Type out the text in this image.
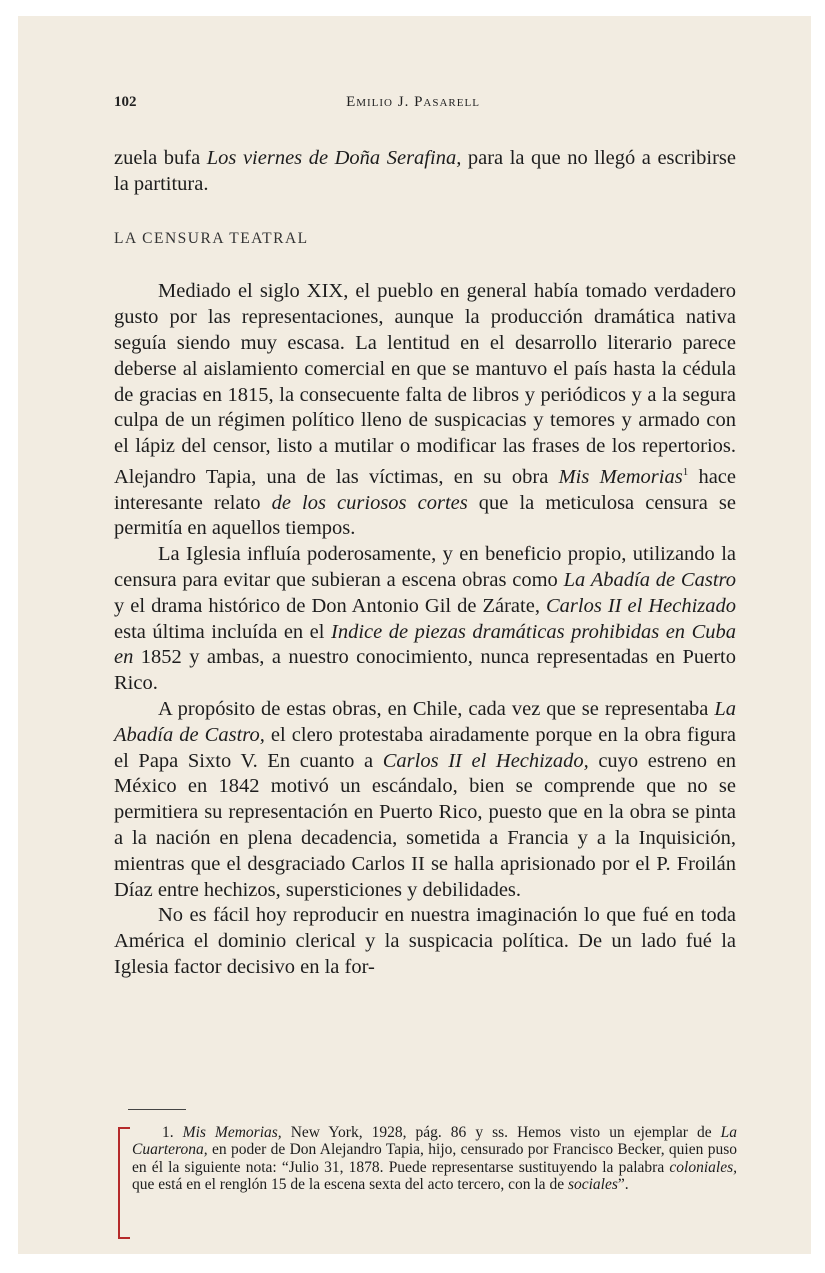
102	Emilio J. Pasarell

zuela bufa Los viernes de Doña Serafina, para la que no llegó a escribirse la partitura.

LA CENSURA TEATRAL

Mediado el siglo XIX, el pueblo en general había tomado verdadero gusto por las representaciones, aunque la producción dramática nativa seguía siendo muy escasa. La lentitud en el desarrollo literario parece deberse al aislamiento comercial en que se mantuvo el país hasta la cédula de gracias en 1815, la consecuente falta de libros y periódicos y a la segura culpa de un régimen político lleno de suspicacias y temores y armado con el lápiz del censor, listo a mutilar o modificar las frases de los repertorios. Alejandro Tapia, una de las víctimas, en su obra Mis Memorias$^1$ hace interesante relato de los curiosos cortes que la meticulosa censura se permitía en aquellos tiempos.

La Iglesia influía poderosamente, y en beneficio propio, utilizando la censura para evitar que subieran a escena obras como La Abadía de Castro y el drama histórico de Don Antonio Gil de Zárate, Carlos II el Hechizado esta última incluída en el Indice de piezas dramáticas prohibidas en Cuba en 1852 y ambas, a nuestro conocimiento, nunca representadas en Puerto Rico.

A propósito de estas obras, en Chile, cada vez que se representaba La Abadía de Castro, el clero protestaba airadamente porque en la obra figura el Papa Sixto V. En cuanto a Carlos II el Hechizado, cuyo estreno en México en 1842 motivó un escándalo, bien se comprende que no se permitiera su representación en Puerto Rico, puesto que en la obra se pinta a la nación en plena decadencia, sometida a Francia y a la Inquisición, mientras que el desgraciado Carlos II se halla aprisionado por el P. Froilán Díaz entre hechizos, supersticiones y debilidades.

No es fácil hoy reproducir en nuestra imaginación lo que fué en toda América el dominio clerical y la suspicacia política. De un lado fué la Iglesia factor decisivo en la for-

1. Mis Memorias, New York, 1928, pág. 86 y ss. Hemos visto un ejemplar de La Cuarterona, en poder de Don Alejandro Tapia, hijo, censurado por Francisco Becker, quien puso en él la siguiente nota: “Julio 31, 1878. Puede representarse sustituyendo la palabra coloniales, que está en el renglón 15 de la escena sexta del acto tercero, con la de sociales”.
